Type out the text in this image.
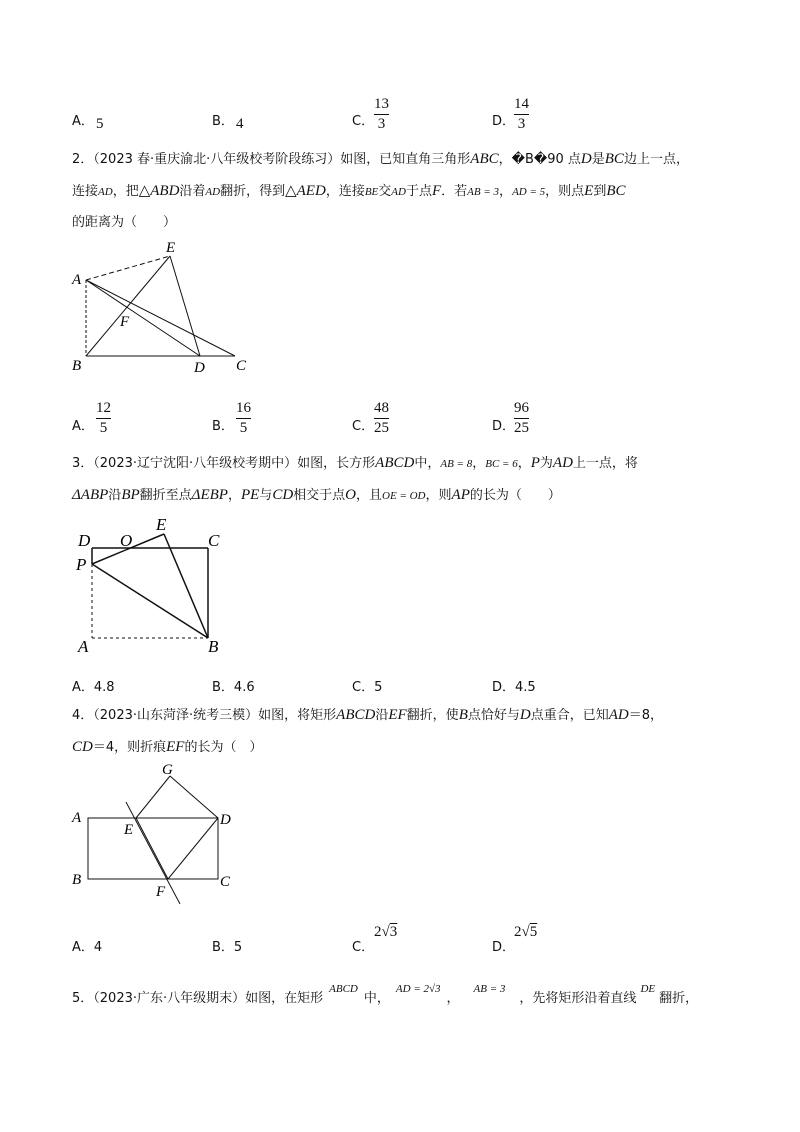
A． 5	B． 4	C．
13
3	D．
14
3
2．（2023 春·重庆渝北·八年级校考阶段练习）如图，已知直角三角形ABC，�B�90 点D是BC边上一点，
连接AD，把△ABD沿着AD翻折，得到△AED，连接BE交AD于点F．若AB = 3，AD = 5，则点E到BC
的距离为（　　）
A
B	C
D
E
F
A．
12
5	B．
16
5	C．
48
25	D．
96
25
3．（2023·辽宁沈阳·八年级校考期中）如图，长方形ABCD中，AB = 8，BC = 6，P为AD上一点，将
ΔABP沿BP翻折至点ΔEBP，PE与CD相交于点O，且OE = OD，则AP的长为（　　）
D O
E
C
P
A	B
A．4.8	B．4.6	C．5	D．4.5
4．（2023·山东菏泽·统考三模）如图，将矩形ABCD沿EF翻折，使B点恰好与D点重合，已知AD＝8，
CD＝4，则折痕EF的长为（　）
A
B	C
D
E
F
G
A．4	B．5	C．
2√3
D．
2√5
5．（2023·广东·八年级期末）如图，在矩形$^{ABCD}$中，$^{AD = 2√3}$，$^{AB = 3}$，先将矩形沿着直线$^{DE}$翻折，
